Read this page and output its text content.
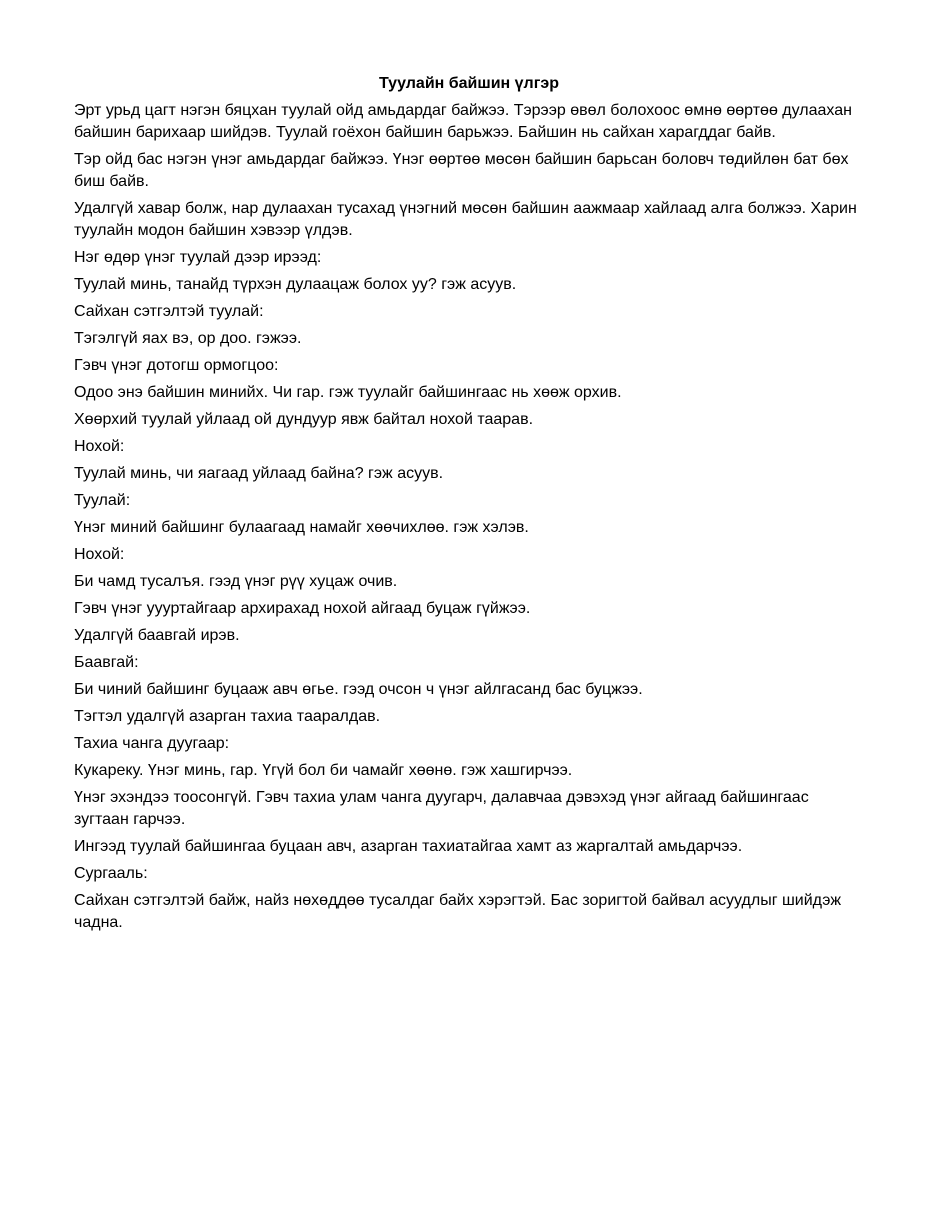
Туулайн байшин үлгэр

Эрт урьд цагт нэгэн бяцхан туулай ойд амьдардаг байжээ. Тэрээр өвөл болохоос өмнө өөртөө дулаахан байшин барихаар шийдэв. Туулай гоёхон байшин барьжээ. Байшин нь сайхан харагддаг байв.

Тэр ойд бас нэгэн үнэг амьдардаг байжээ. Үнэг өөртөө мөсөн байшин барьсан боловч төдийлөн бат бөх биш байв.

Удалгүй хавар болж, нар дулаахан тусахад үнэгний мөсөн байшин аажмаар хайлаад алга болжээ. Харин туулайн модон байшин хэвээр үлдэв.

Нэг өдөр үнэг туулай дээр ирээд:

Туулай минь, танайд түрхэн дулаацаж болох уу? гэж асуув.

Сайхан сэтгэлтэй туулай:

Тэгэлгүй яах вэ, ор доо. гэжээ.

Гэвч үнэг дотогш ормогцоо:

Одоо энэ байшин минийх. Чи гар. гэж туулайг байшингаас нь хөөж орхив.

Хөөрхий туулай уйлаад ой дундуур явж байтал нохой таарав.

Нохой:

Туулай минь, чи яагаад уйлаад байна? гэж асуув.

Туулай:

Үнэг миний байшинг булаагаад намайг хөөчихлөө. гэж хэлэв.

Нохой:

Би чамд тусалъя. гээд үнэг рүү хуцаж очив.

Гэвч үнэг уууртайгаар архирахад нохой айгаад буцаж гүйжээ.

Удалгүй баавгай ирэв.

Баавгай:

Би чиний байшинг буцааж авч өгье. гээд очсон ч үнэг айлгасанд бас буцжээ.

Тэгтэл удалгүй азарган тахиа таарал​дав.

Тахиа чанга дуугаар:

Кукареку. Үнэг минь, гар. Үгүй бол би чамайг хөөнө. гэж хашгирчээ.

Үнэг эхэндээ тоосонгүй. Гэвч тахиа улам чанга дуугарч, далавчаа дэвэхэд үнэг айгаад байшингаас зугтаан гарчээ.

Ингээд туулай байшингаа буцаан авч, азарган тахиатайгаа хамт аз жаргалтай амьдарчээ.

Сургааль:

Сайхан сэтгэлтэй байж, найз нөхөддөө тусалдаг байх хэрэгтэй. Бас зоригтой байвал асуудлыг шийдэж чадна.
